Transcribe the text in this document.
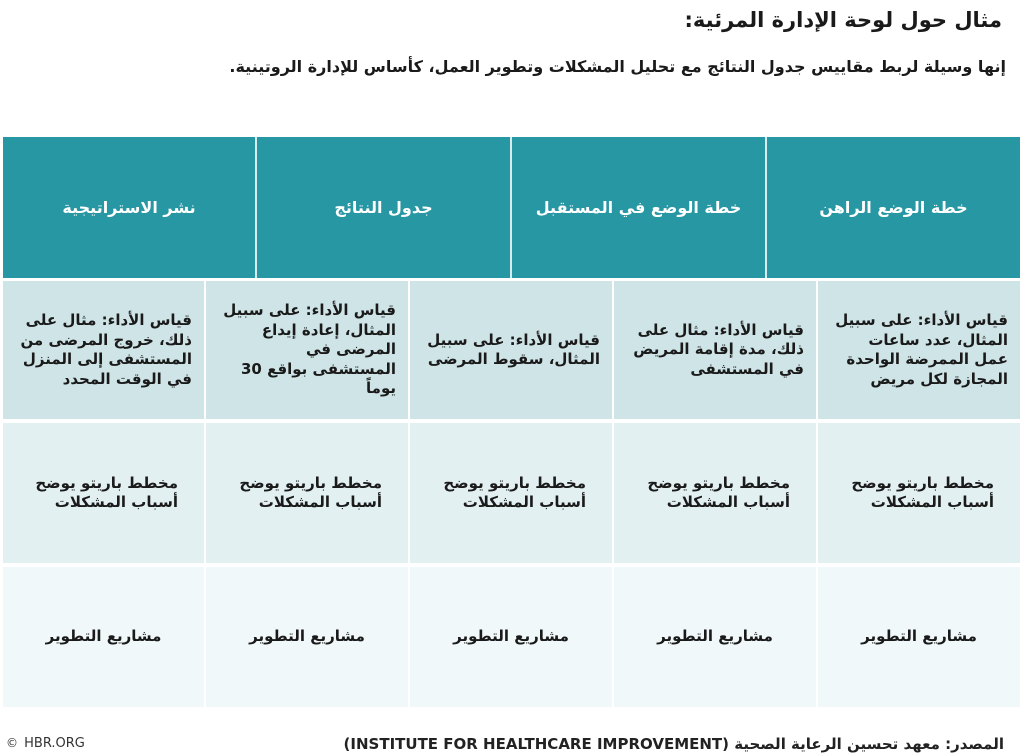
مثال حول لوحة الإدارة المرئية:
إنها وسيلة لربط مقاييس جدول النتائج مع تحليل المشكلات وتطوير العمل، كأساس للإدارة الروتينية.
خطة الوضع الراهن
خطة الوضع في المستقبل
جدول النتائج
نشر الاستراتيجية
قياس الأداء: على سبيل المثال، عدد ساعات عمل الممرضة الواحدة المجازة لكل مريض
قياس الأداء: مثال على ذلك، مدة إقامة المريض في المستشفى
قياس الأداء: على سبيل المثال، سقوط المرضى
قياس الأداء: على سبيل المثال، إعادة إيداع المرضى في المستشفى بواقع 30 يوماً
قياس الأداء: مثال على ذلك، خروج المرضى من المستشفى إلى المنزل في الوقت المحدد
مخطط باريتو يوضح أسباب المشكلات
مخطط باريتو يوضح أسباب المشكلات
مخطط باريتو يوضح أسباب المشكلات
مخطط باريتو يوضح أسباب المشكلات
مخطط باريتو يوضح أسباب المشكلات
مشاريع التطوير
مشاريع التطوير
مشاريع التطوير
مشاريع التطوير
مشاريع التطوير
© HBR.ORG	المصدر: معهد تحسين الرعاية الصحية (INSTITUTE FOR HEALTHCARE IMPROVEMENT)
